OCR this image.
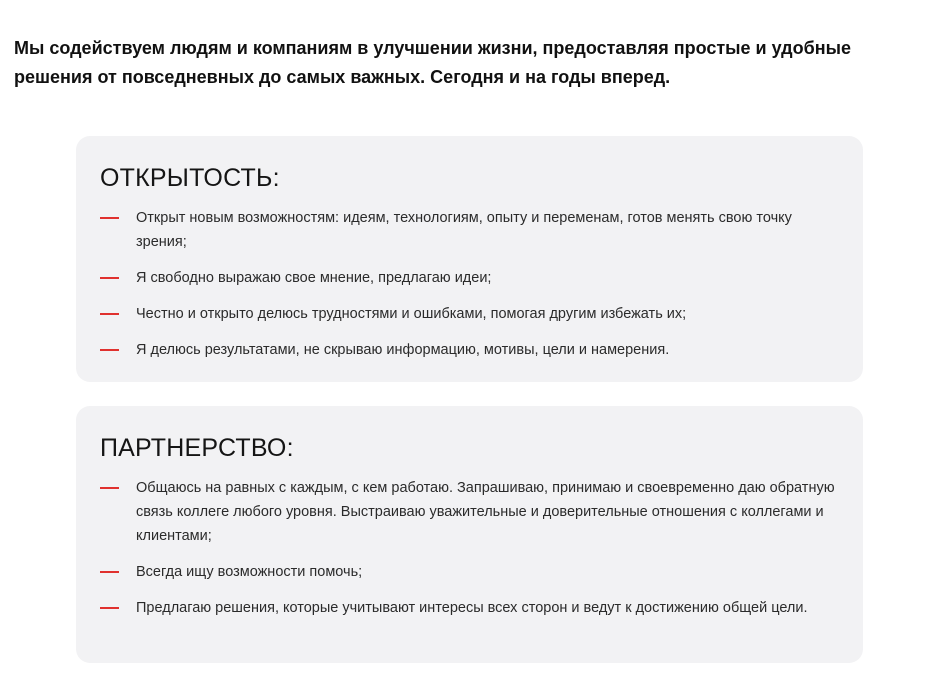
Мы содействуем людям и компаниям в улучшении жизни, предоставляя простые и удобные решения от повседневных до самых важных. Сегодня и на годы вперед.

ОТКРЫТОСТЬ:
Открыт новым возможностям: идеям, технологиям, опыту и переменам, готов менять свою точку зрения;
Я свободно выражаю свое мнение, предлагаю идеи;
Честно и открыто делюсь трудностями и ошибками, помогая другим избежать их;
Я делюсь результатами, не скрываю информацию, мотивы, цели и намерения.
ПАРТНЕРСТВО:
Общаюсь на равных с каждым, с кем работаю. Запрашиваю, принимаю и своевременно даю обратную связь коллеге любого уровня. Выстраиваю уважительные и доверительные отношения с коллегами и клиентами;
Всегда ищу возможности помочь;
Предлагаю решения, которые учитывают интересы всех сторон и ведут к достижению общей цели.
